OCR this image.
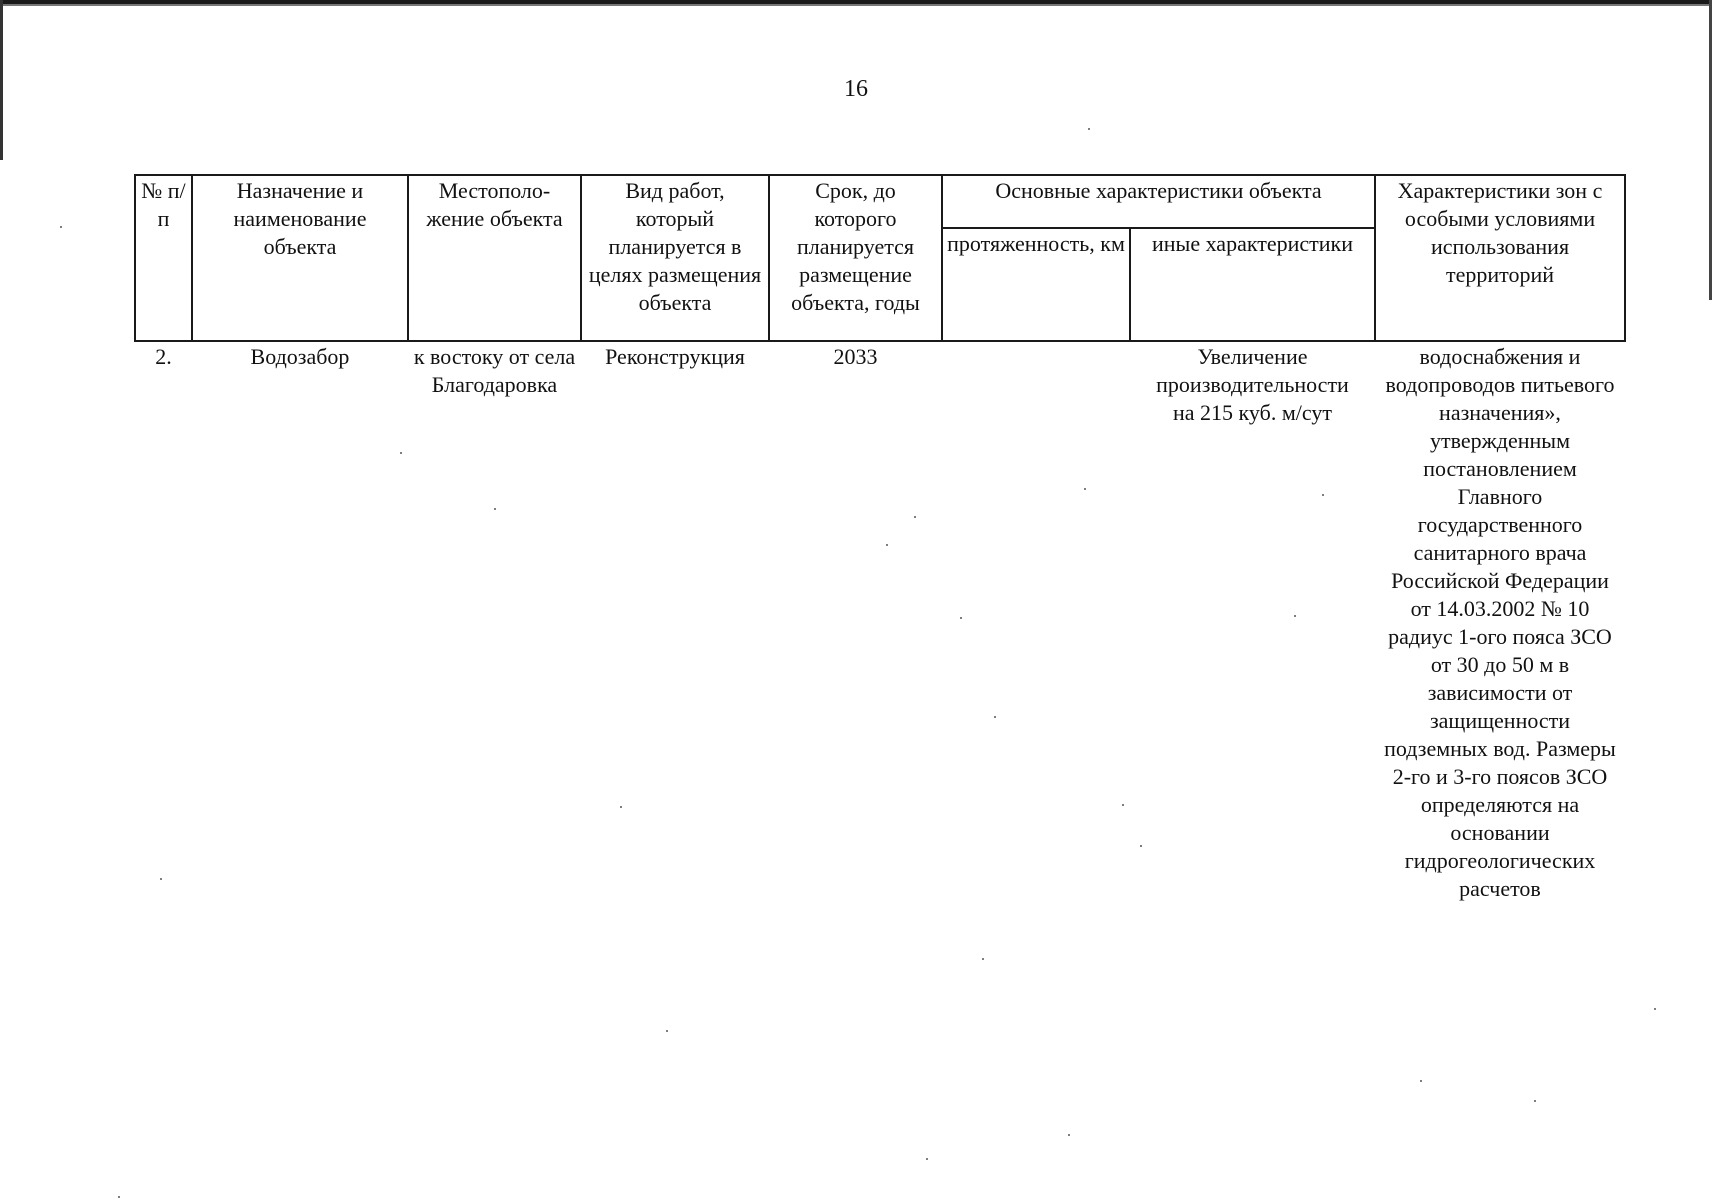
16
№ п/п	Назначение и наименование объекта	Местополо-жение объекта	Вид работ, который планируется в целях размещения объекта	Срок, до которого планируется размещение объекта, годы	Основные характеристики объекта		Характеристики зон с особыми условиями использования территорий
					протяженность, км	иные характеристики	
2.	Водозабор	к востоку от села Благодаровка	Реконструкция	2033		Увеличение производительности на 215 куб. м/сут	водоснабжения и водопроводов питьевого назначения», утвержденным постановлением Главного государственного санитарного врача Российской Федерации от 14.03.2002 № 10 радиус 1-ого пояса ЗСО от 30 до 50 м в зависимости от защищенности подземных вод. Размеры 2-го и 3-го поясов ЗСО определяются на основании гидрогеологических расчетов
